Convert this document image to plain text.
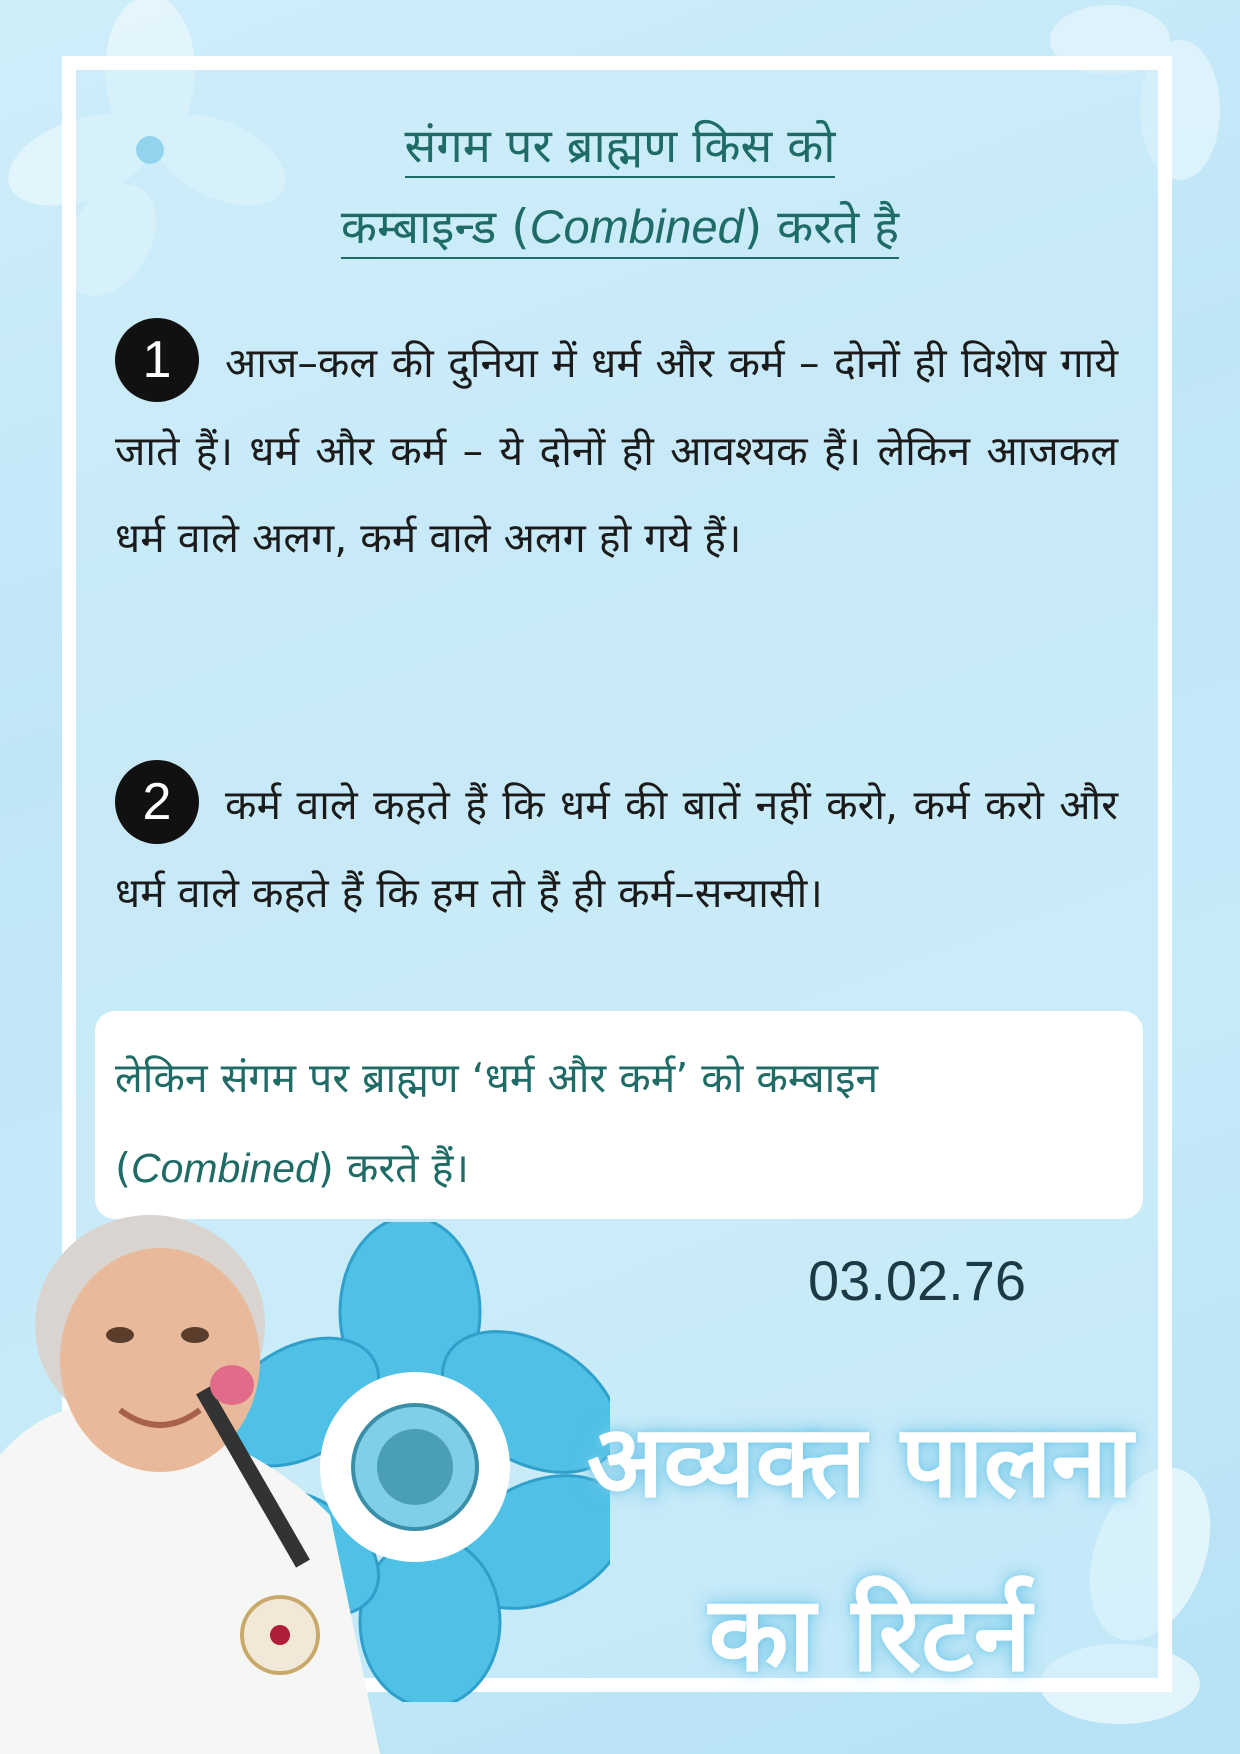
संगम पर ब्राह्मण किस को
कम्बाइन्ड (Combined) करते है
1 आज–कल की दुनिया में धर्म और कर्म – दोनों ही विशेष गाये जाते हैं। धर्म और कर्म – ये दोनों ही आवश्यक हैं। लेकिन आजकल धर्म वाले अलग, कर्म वाले अलग हो गये हैं।
2 कर्म वाले कहते हैं कि धर्म की बातें नहीं करो, कर्म करो और धर्म वाले कहते हैं कि हम तो हैं ही कर्म–सन्यासी।
लेकिन संगम पर ब्राह्मण ‘धर्म और कर्म’ को कम्बाइन
(Combined) करते हैं।
03.02.76
अव्यक्त पालना
का रिटर्न
